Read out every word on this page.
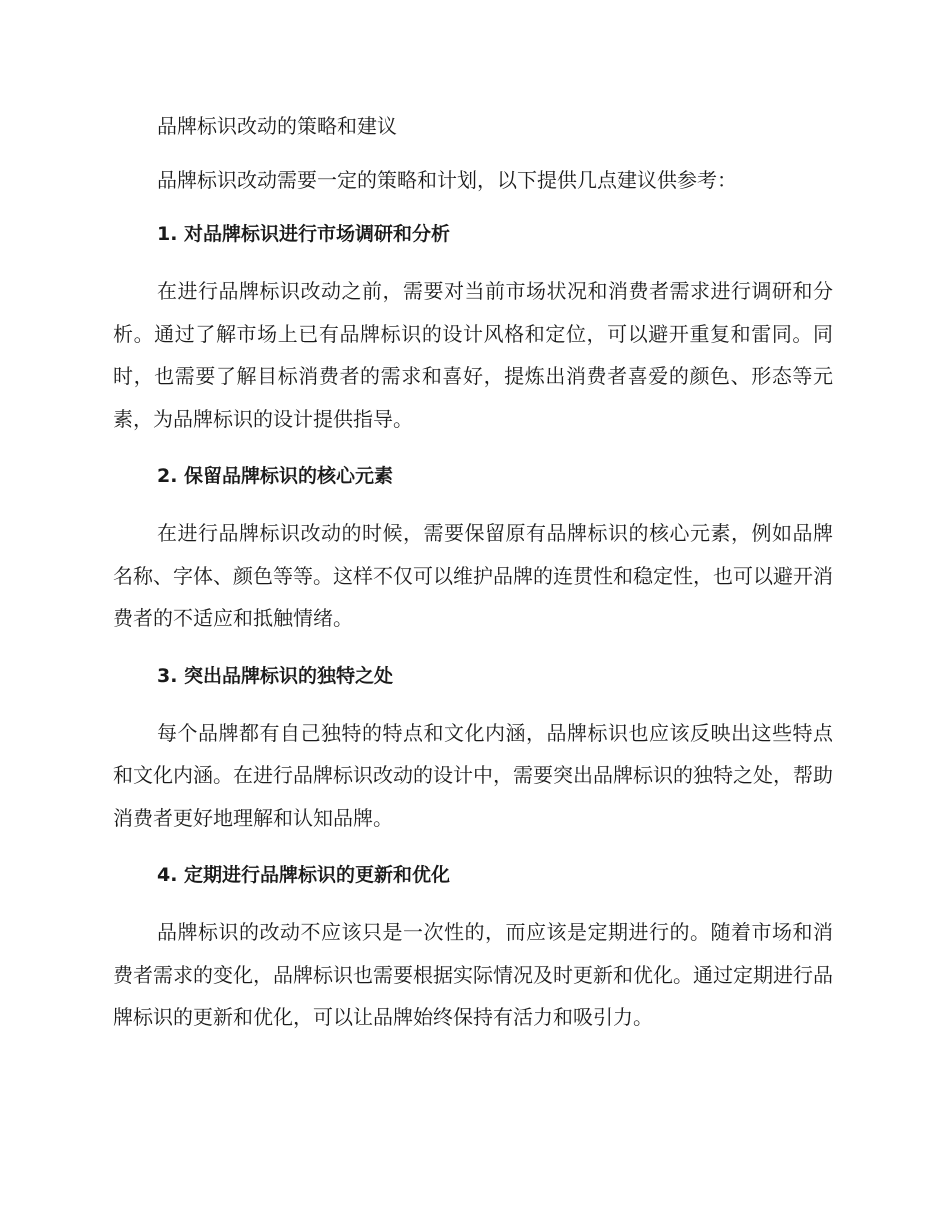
品牌标识改动的策略和建议

品牌标识改动需要一定的策略和计划，以下提供几点建议供参考：

1. 对品牌标识进行市场调研和分析

在进行品牌标识改动之前，需要对当前市场状况和消费者需求进行调研和分析。通过了解市场上已有品牌标识的设计风格和定位，可以避开重复和雷同。同时，也需要了解目标消费者的需求和喜好，提炼出消费者喜爱的颜色、形态等元素，为品牌标识的设计提供指导。

2. 保留品牌标识的核心元素

在进行品牌标识改动的时候，需要保留原有品牌标识的核心元素，例如品牌名称、字体、颜色等等。这样不仅可以维护品牌的连贯性和稳定性，也可以避开消费者的不适应和抵触情绪。

3. 突出品牌标识的独特之处

每个品牌都有自己独特的特点和文化内涵，品牌标识也应该反映出这些特点和文化内涵。在进行品牌标识改动的设计中，需要突出品牌标识的独特之处，帮助消费者更好地理解和认知品牌。

4. 定期进行品牌标识的更新和优化

品牌标识的改动不应该只是一次性的，而应该是定期进行的。随着市场和消费者需求的变化，品牌标识也需要根据实际情况及时更新和优化。通过定期进行品牌标识的更新和优化，可以让品牌始终保持有活力和吸引力。
